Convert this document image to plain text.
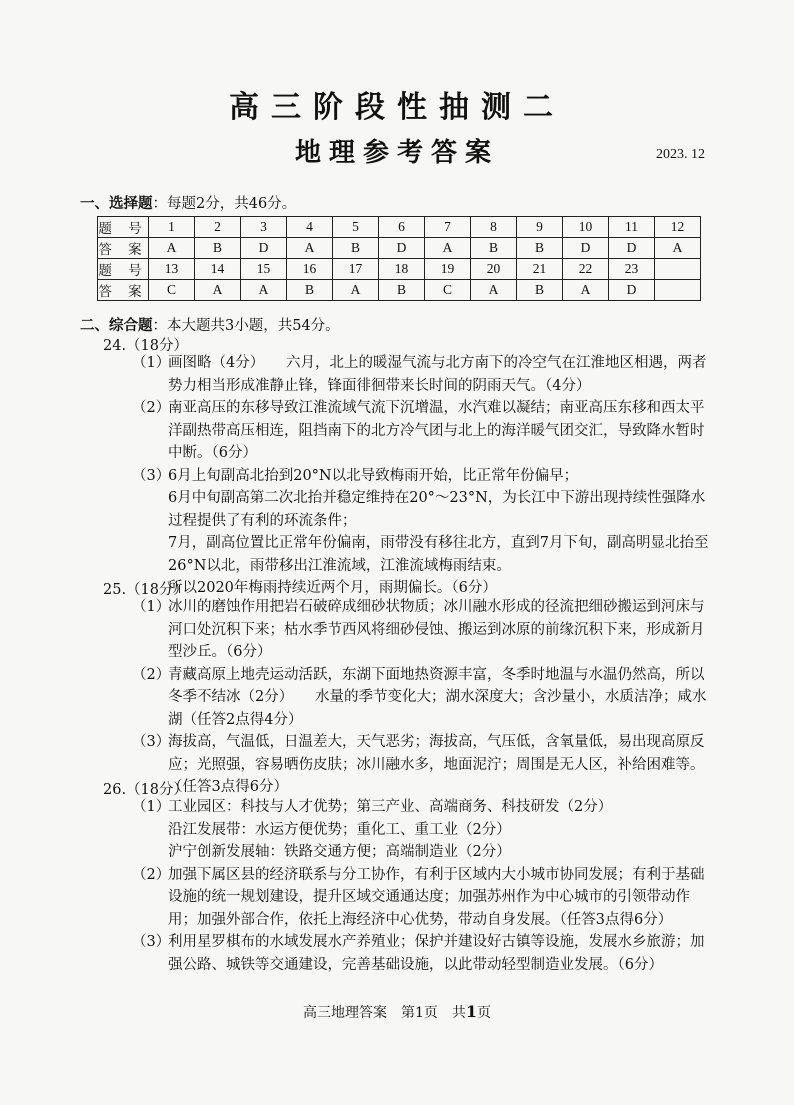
高三阶段性抽测二
地理参考答案	2023. 12
一、选择题：每题2分，共46分。
题 号	1	2	3	4	5	6	7	8	9	10	11	12
答 案	A	B	D	A	B	D	A	B	B	D	D	A
题 号	13	14	15	16	17	18	19	20	21	22	23	
答 案	C	A	A	B	A	B	C	A	B	A	D	
二、综合题：本大题共3小题，共54分。
24.（18分）
（1）
画图略（4分）　　六月，北上的暖湿气流与北方南下的冷空气在江淮地区相遇，两者势力相当形成准静止锋，锋面徘徊带来长时间的阴雨天气。（4分）
（2）
南亚高压的东移导致江淮流域气流下沉增温，水汽难以凝结；南亚高压东移和西太平洋副热带高压相连，阻挡南下的北方冷气团与北上的海洋暖气团交汇，导致降水暂时中断。（6分）
（3）
6月上旬副高北抬到20°N以北导致梅雨开始，比正常年份偏早；
6月中旬副高第二次北抬并稳定维持在20°～23°N，为长江中下游出现持续性强降水过程提供了有利的环流条件；
7月，副高位置比正常年份偏南，雨带没有移往北方，直到7月下旬，副高明显北抬至26°N以北，雨带移出江淮流域，江淮流域梅雨结束。
所以2020年梅雨持续近两个月，雨期偏长。（6分）
25.（18分）
（1）
冰川的磨蚀作用把岩石破碎成细砂状物质；冰川融水形成的径流把细砂搬运到河床与河口处沉积下来；枯水季节西风将细砂侵蚀、搬运到冰原的前缘沉积下来，形成新月型沙丘。（6分）
（2）
青藏高原上地壳运动活跃，东湖下面地热资源丰富，冬季时地温与水温仍然高，所以冬季不结冰（2分）　　水量的季节变化大；湖水深度大；含沙量小，水质洁净；咸水湖（任答2点得4分）
（3）
海拔高，气温低，日温差大，天气恶劣；海拔高，气压低，含氧量低，易出现高原反应；光照强，容易晒伤皮肤；冰川融水多，地面泥泞；周围是无人区，补给困难等。（任答3点得6分）
26.（18分）
（1）
工业园区：科技与人才优势；第三产业、高端商务、科技研发（2分）
沿江发展带：水运方便优势；重化工、重工业（2分）
沪宁创新发展轴：铁路交通方便；高端制造业（2分）
（2）
加强下属区县的经济联系与分工协作，有利于区域内大小城市协同发展；有利于基础设施的统一规划建设，提升区域交通通达度；加强苏州作为中心城市的引领带动作用；加强外部合作，依托上海经济中心优势，带动自身发展。（任答3点得6分）
（3）
利用星罗棋布的水域发展水产养殖业；保护并建设好古镇等设施，发展水乡旅游；加强公路、城铁等交通建设，完善基础设施，以此带动轻型制造业发展。（6分）
高三地理答案　第1页　共1页
